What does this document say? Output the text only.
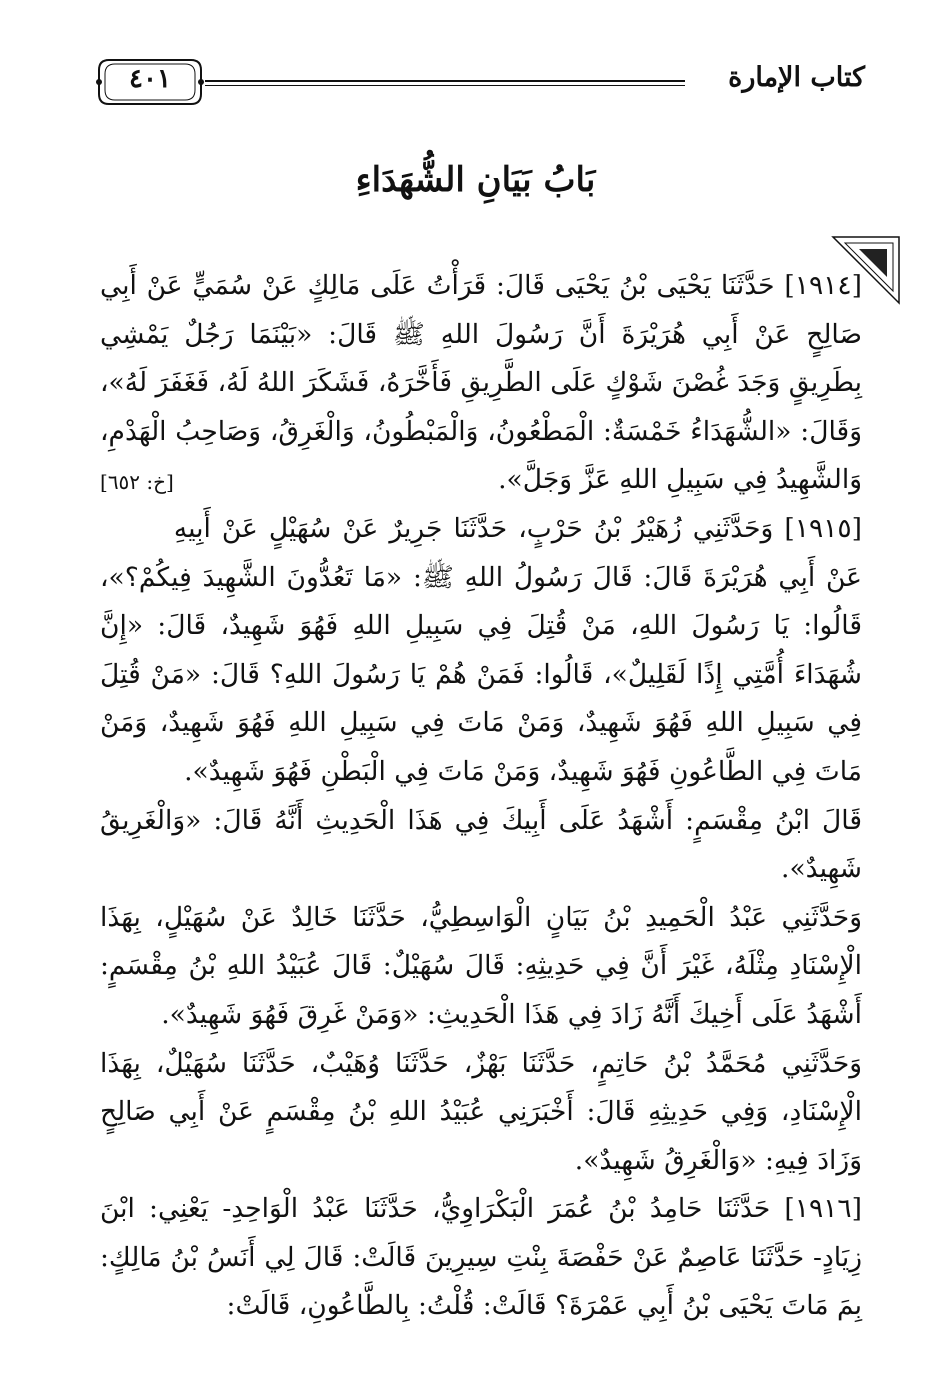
كتاب الإمارة
٤٠١
بَابُ بَيَانِ الشُّهَدَاءِ

[١٩١٤] حَدَّثَنَا يَحْيَى بْنُ يَحْيَى قَالَ: قَرَأْتُ عَلَى مَالِكٍ عَنْ سُمَيٍّ عَنْ أَبِي صَالِحٍ عَنْ أَبِي هُرَيْرَةَ أَنَّ رَسُولَ اللهِ ﷺ قَالَ: «بَيْنَمَا رَجُلٌ يَمْشِي بِطَرِيقٍ وَجَدَ غُصْنَ شَوْكٍ عَلَى الطَّرِيقِ فَأَخَّرَهُ، فَشَكَرَ اللهُ لَهُ، فَغَفَرَ لَهُ»، وَقَالَ: «الشُّهَدَاءُ خَمْسَةٌ: الْمَطْعُونُ، وَالْمَبْطُونُ، وَالْغَرِقُ، وَصَاحِبُ الْهَدْمِ، وَالشَّهِيدُ فِي سَبِيلِ اللهِ عَزَّ وَجَلَّ».
[خ: ٦٥٢]

[١٩١٥] وَحَدَّثَنِي زُهَيْرُ بْنُ حَرْبٍ، حَدَّثَنَا جَرِيرٌ عَنْ سُهَيْلٍ عَنْ أَبِيهِ عَنْ أَبِي هُرَيْرَةَ قَالَ: قَالَ رَسُولُ اللهِ ﷺ: «مَا تَعُدُّونَ الشَّهِيدَ فِيكُمْ؟»، قَالُوا: يَا رَسُولَ اللهِ، مَنْ قُتِلَ فِي سَبِيلِ اللهِ فَهُوَ شَهِيدٌ، قَالَ: «إِنَّ شُهَدَاءَ أُمَّتِي إِذًا لَقَلِيلٌ»، قَالُوا: فَمَنْ هُمْ يَا رَسُولَ اللهِ؟ قَالَ: «مَنْ قُتِلَ فِي سَبِيلِ اللهِ فَهُوَ شَهِيدٌ، وَمَنْ مَاتَ فِي سَبِيلِ اللهِ فَهُوَ شَهِيدٌ، وَمَنْ مَاتَ فِي الطَّاعُونِ فَهُوَ شَهِيدٌ، وَمَنْ مَاتَ فِي الْبَطْنِ فَهُوَ شَهِيدٌ».

قَالَ ابْنُ مِقْسَمٍ: أَشْهَدُ عَلَى أَبِيكَ فِي هَذَا الْحَدِيثِ أَنَّهُ قَالَ: «وَالْغَرِيقُ شَهِيدٌ».

وَحَدَّثَنِي عَبْدُ الْحَمِيدِ بْنُ بَيَانٍ الْوَاسِطِيُّ، حَدَّثَنَا خَالِدٌ عَنْ سُهَيْلٍ، بِهَذَا الْإِسْنَادِ مِثْلَهُ، غَيْرَ أَنَّ فِي حَدِيثِهِ: قَالَ سُهَيْلٌ: قَالَ عُبَيْدُ اللهِ بْنُ مِقْسَمٍ: أَشْهَدُ عَلَى أَخِيكَ أَنَّهُ زَادَ فِي هَذَا الْحَدِيثِ: «وَمَنْ غَرِقَ فَهُوَ شَهِيدٌ».

وَحَدَّثَنِي مُحَمَّدُ بْنُ حَاتِمٍ، حَدَّثَنَا بَهْزٌ، حَدَّثَنَا وُهَيْبٌ، حَدَّثَنَا سُهَيْلٌ، بِهَذَا الْإِسْنَادِ، وَفِي حَدِيثِهِ قَالَ: أَخْبَرَنِي عُبَيْدُ اللهِ بْنُ مِقْسَمٍ عَنْ أَبِي صَالِحٍ وَزَادَ فِيهِ: «وَالْغَرِقُ شَهِيدٌ».

[١٩١٦] حَدَّثَنَا حَامِدُ بْنُ عُمَرَ الْبَكْرَاوِيُّ، حَدَّثَنَا عَبْدُ الْوَاحِدِ- يَعْنِي: ابْنَ زِيَادٍ- حَدَّثَنَا عَاصِمٌ عَنْ حَفْصَةَ بِنْتِ سِيرِينَ قَالَتْ: قَالَ لِي أَنَسُ بْنُ مَالِكٍ: بِمَ مَاتَ يَحْيَى بْنُ أَبِي عَمْرَةَ؟ قَالَتْ: قُلْتُ: بِالطَّاعُونِ، قَالَتْ:
